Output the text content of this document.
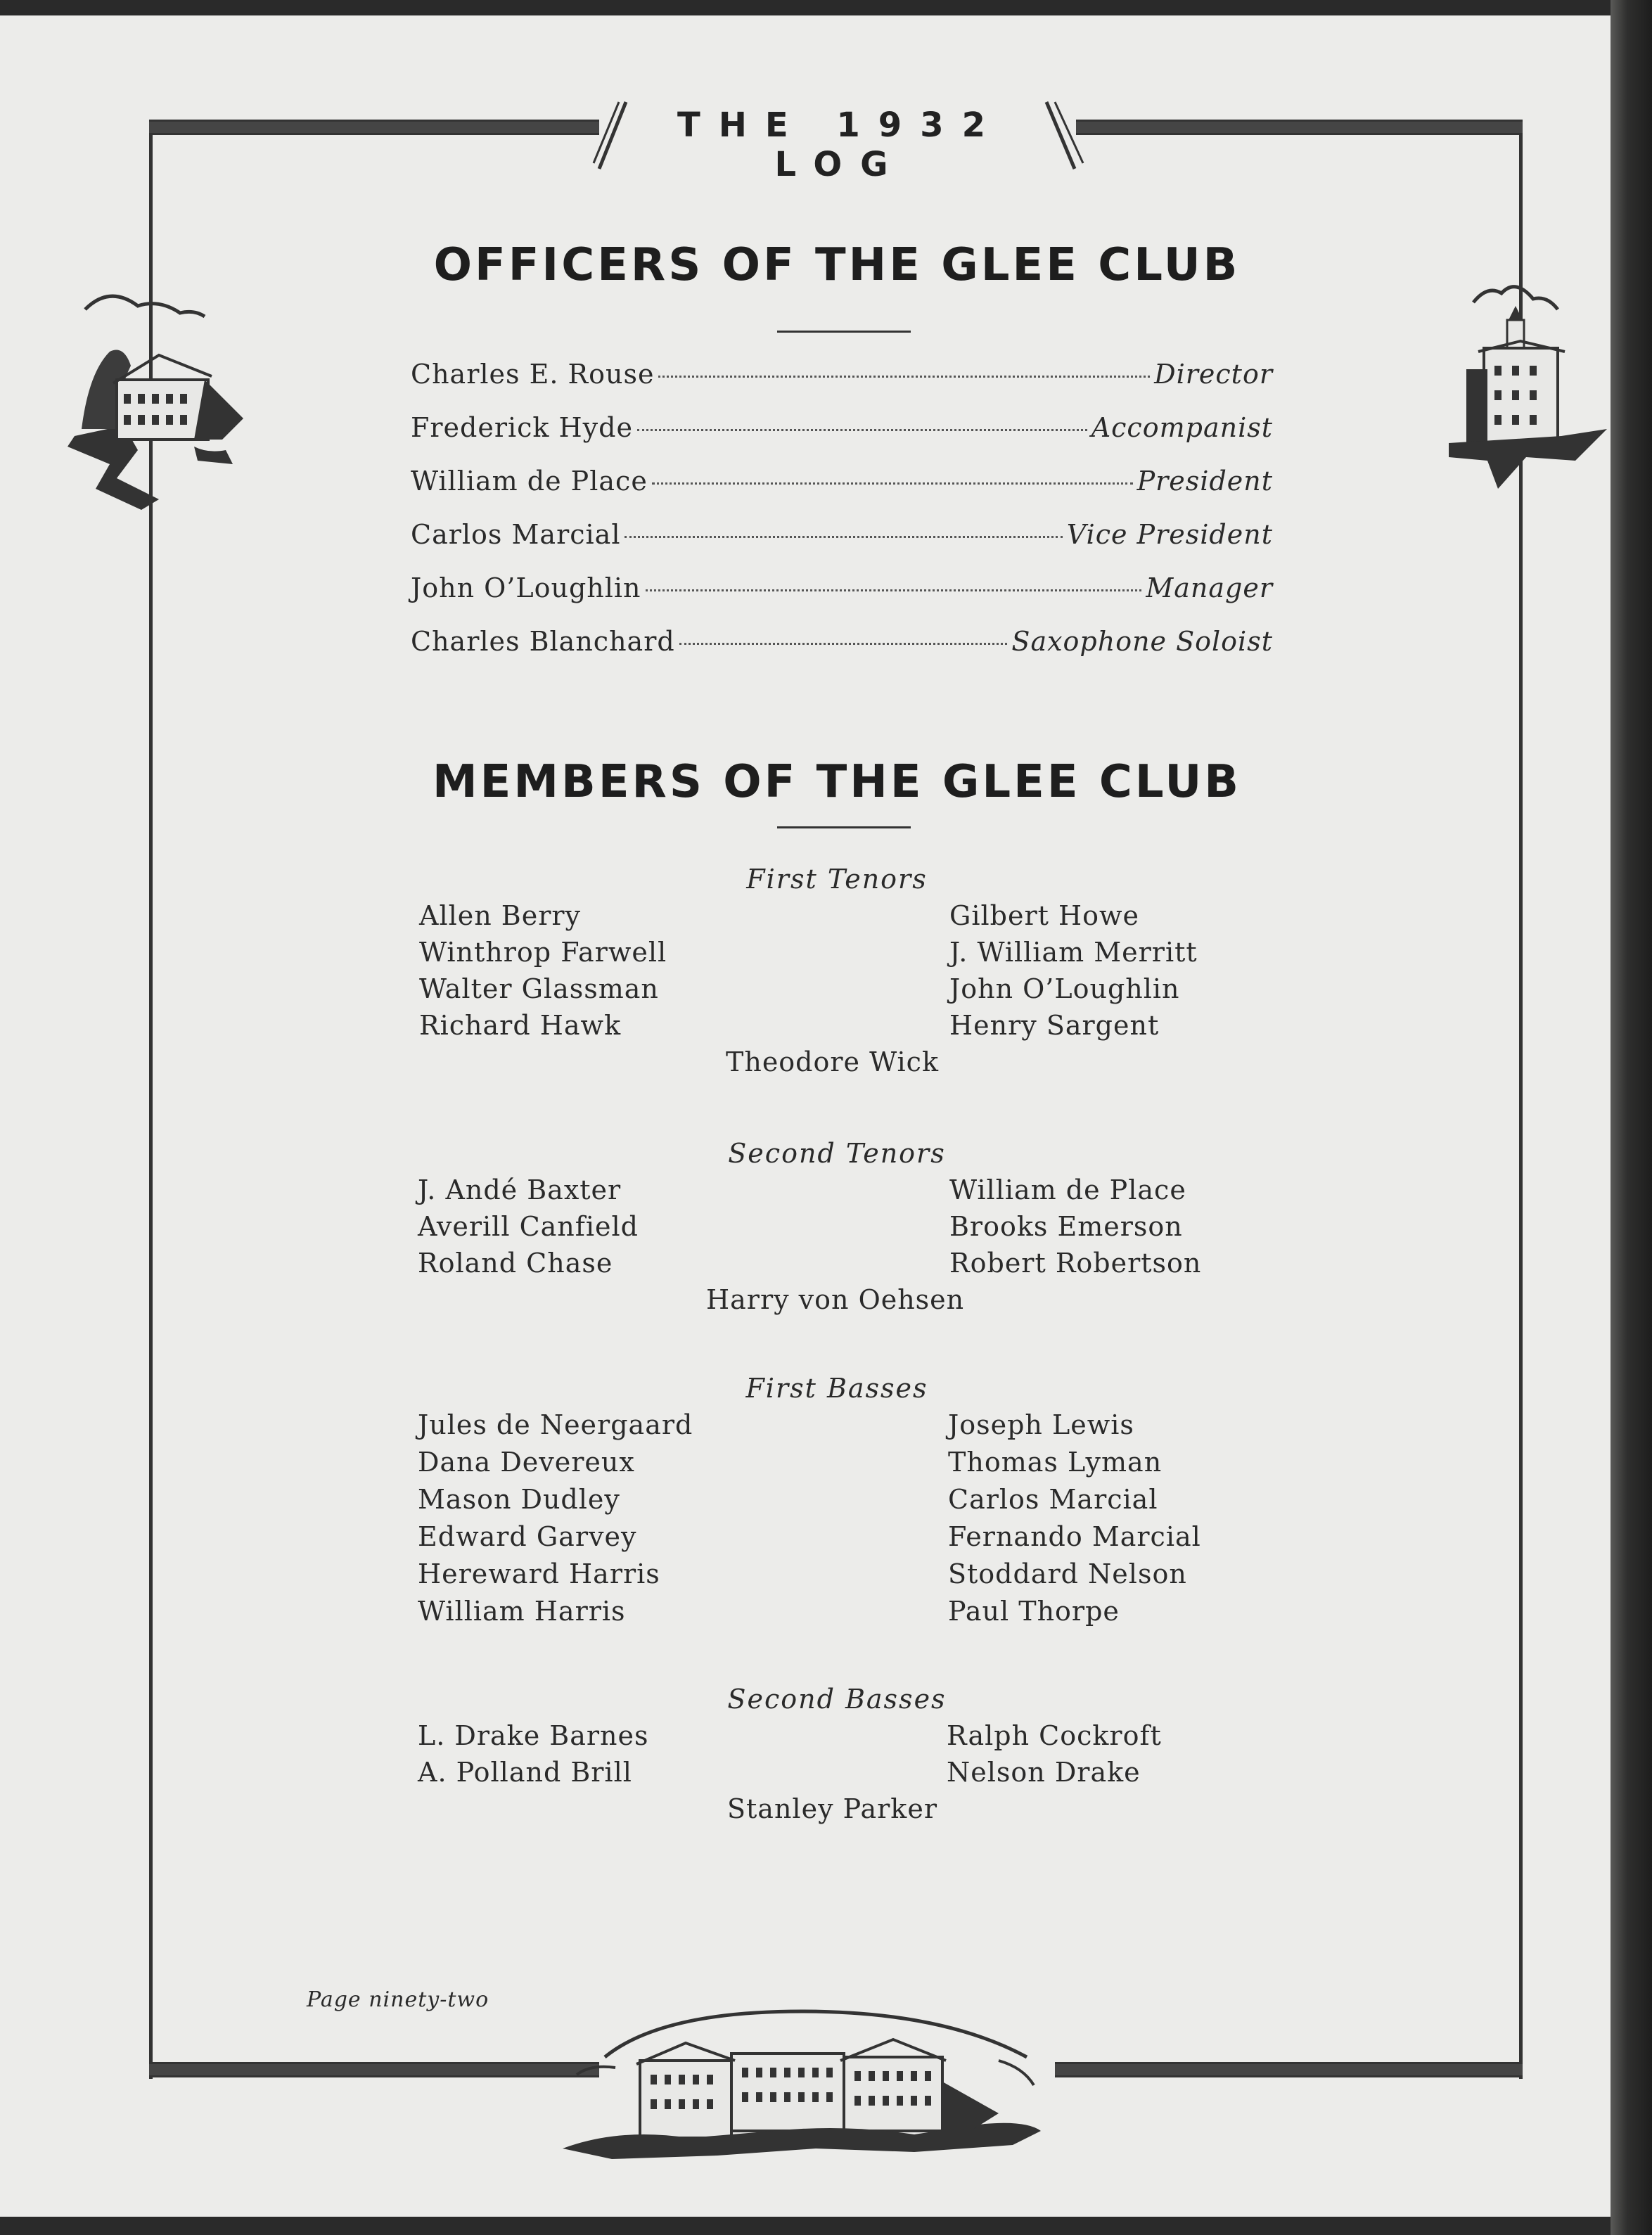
THE 1932 LOG
OFFICERS OF THE GLEE CLUB
Charles E. Rouse	Director
Frederick Hyde	Accompanist
William de Place	President
Carlos Marcial	Vice President
John O’Loughlin	Manager
Charles Blanchard	Saxophone Soloist
MEMBERS OF THE GLEE CLUB
First Tenors
Allen Berry
Winthrop Farwell
Walter Glassman
Richard Hawk
Gilbert Howe
J. William Merritt
John O’Loughlin
Henry Sargent
Theodore Wick
Second Tenors
J. Andé Baxter
Averill Canfield
Roland Chase
William de Place
Brooks Emerson
Robert Robertson
Harry von Oehsen
First Basses
Jules de Neergaard
Dana Devereux
Mason Dudley
Edward Garvey
Hereward Harris
William Harris
Joseph Lewis
Thomas Lyman
Carlos Marcial
Fernando Marcial
Stoddard Nelson
Paul Thorpe
Second Basses
L. Drake Barnes
A. Polland Brill
Ralph Cockroft
Nelson Drake
Stanley Parker
Page ninety-two
